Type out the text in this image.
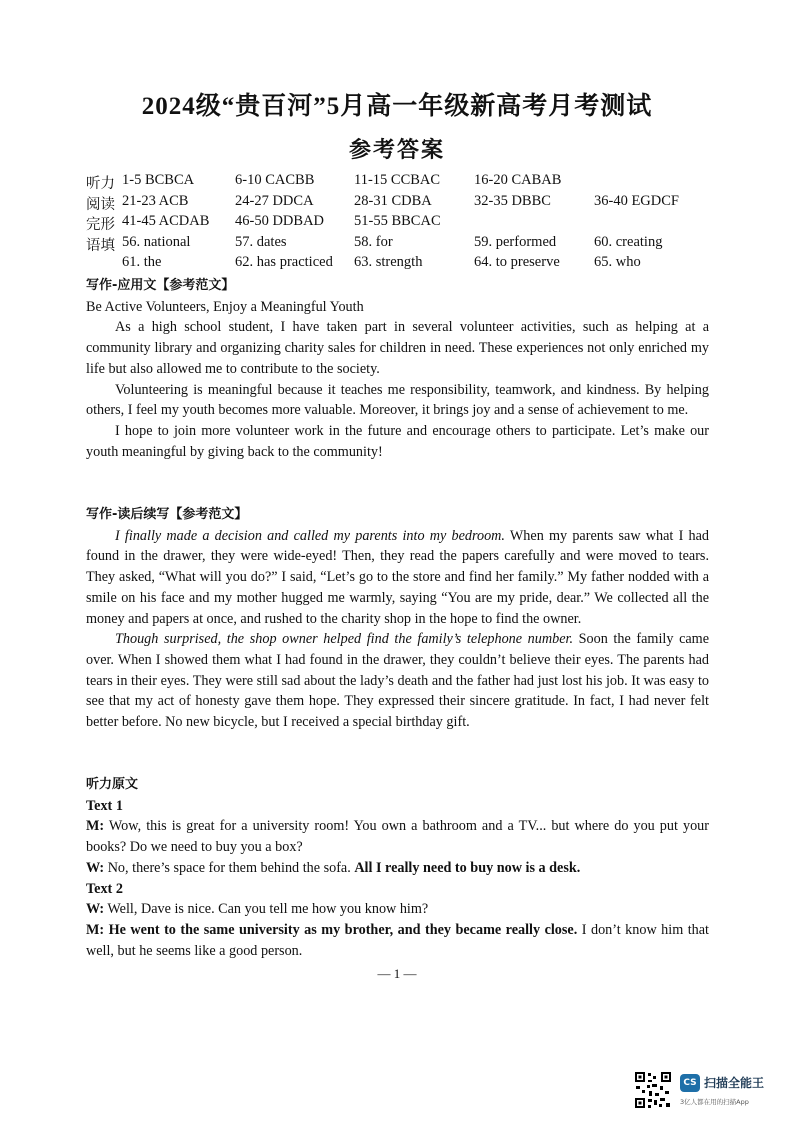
2024级“贵百河”5月高一年级新高考月考测试
参考答案
听力 1-5 BCBCA	6-10 CACBB	11-15 CCBAC 16-20 CABAB
阅读 21-23 ACB	24-27 DDCA	28-31 CDBA	32-35 DBBC	36-40 EGDCF
完形 41-45 ACDAB 46-50 DDBAD 51-55 BBCAC
语填 56. national	57. dates	58. for	59. performed	60. creating
61. the	62. has practiced 63. strength	64. to preserve 65. who
写作-应用文【参考范文】

Be Active Volunteers, Enjoy a Meaningful Youth

As a high school student, I have taken part in several volunteer activities, such as helping at a community library and organizing charity sales for children in need. These experiences not only enriched my life but also allowed me to contribute to the society.

Volunteering is meaningful because it teaches me responsibility, teamwork, and kindness. By helping others, I feel my youth becomes more valuable. Moreover, it brings joy and a sense of achievement to me.

I hope to join more volunteer work in the future and encourage others to participate. Let’s make our youth meaningful by giving back to the community!

写作-读后续写【参考范文】

I finally made a decision and called my parents into my bedroom. When my parents saw what I had found in the drawer, they were wide-eyed! Then, they read the papers carefully and were moved to tears. They asked, “What will you do?” I said, “Let’s go to the store and find her family.” My father nodded with a smile on his face and my mother hugged me warmly, saying “You are my pride, dear.” We collected all the money and papers at once, and rushed to the charity shop in the hope to find the owner.

Though surprised, the shop owner helped find the family’s telephone number. Soon the family came over. When I showed them what I had found in the drawer, they couldn’t believe their eyes. The parents had tears in their eyes. They were still sad about the lady’s death and the father had just lost his job. It was easy to see that my act of honesty gave them hope. They expressed their sincere gratitude. In fact, I had never felt better before. No new bicycle, but I received a special birthday gift.

听力原文

Text 1

M: Wow, this is great for a university room! You own a bathroom and a TV... but where do you put your books? Do we need to buy you a box?

W: No, there’s space for them behind the sofa. All I really need to buy now is a desk.

Text 2

W: Well, Dave is nice. Can you tell me how you know him?

M: He went to the same university as my brother, and they became really close. I don’t know him that well, but he seems like a good person.

— 1 —
CS 扫描全能王
3亿人都在用的扫描App
